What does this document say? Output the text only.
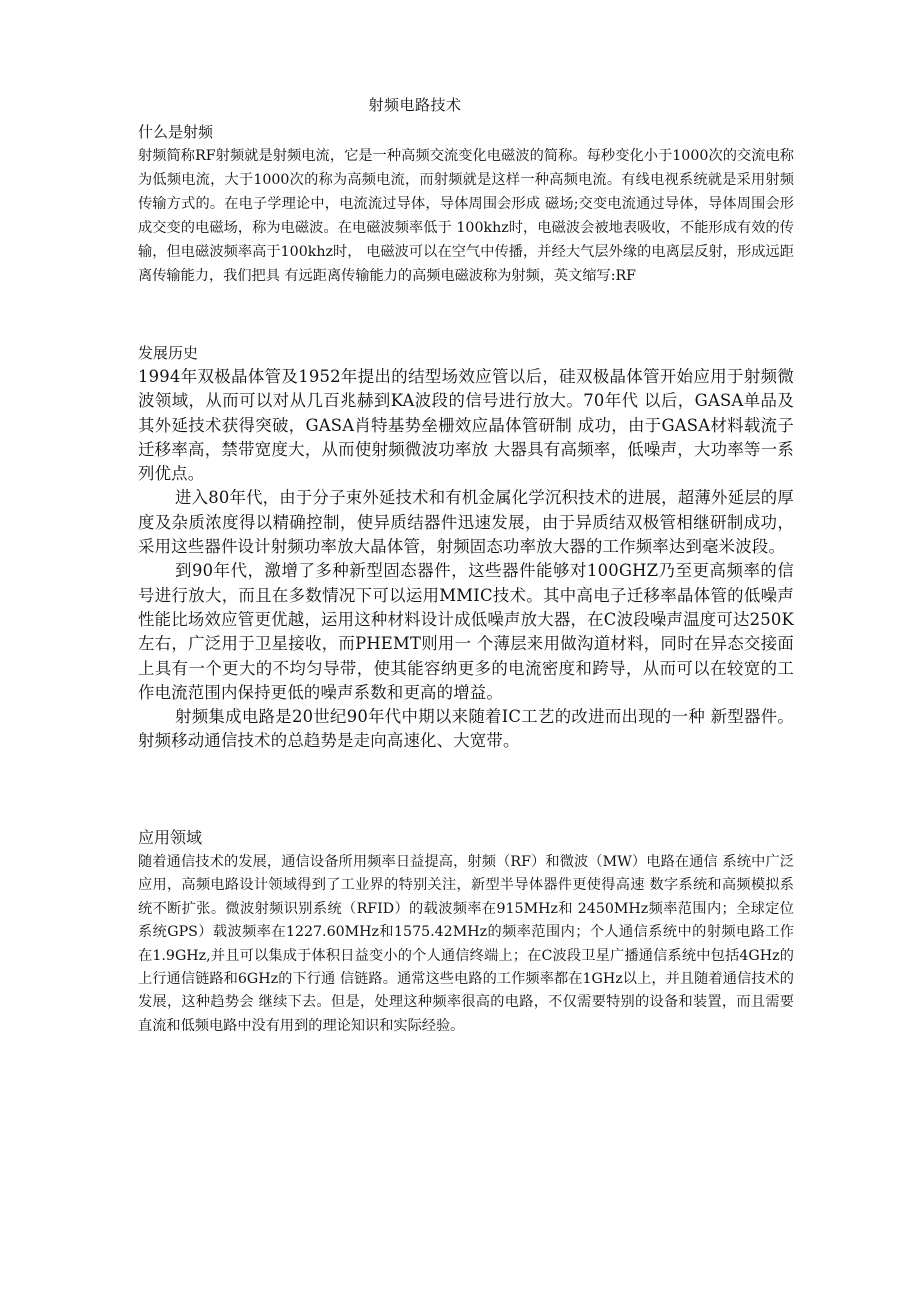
射频电路技术

什么是射频

射频简称RF射频就是射频电流，它是一种高频交流变化电磁波的简称。每秒变化小于1000次的交流电称为低频电流，大于1000次的称为高频电流，而射频就是这样一种高频电流。有线电视系统就是采用射频传输方式的。在电子学理论中，电流流过导体，导体周围会形成 磁场;交变电流通过导体，导体周围会形成交变的电磁场，称为电磁波。在电磁波频率低于 100khz时，电磁波会被地表吸收，不能形成有效的传输，但电磁波频率高于100khz时， 电磁波可以在空气中传播，并经大气层外缘的电离层反射，形成远距离传输能力，我们把具 有远距离传输能力的高频电磁波称为射频，英文缩写:RF

发展历史

1994年双极晶体管及1952年提出的结型场效应管以后，硅双极晶体管开始应用于射频微波领域，从而可以对从几百兆赫到KA波段的信号进行放大。70年代 以后，GASA单品及其外延技术获得突破，GASA肖特基势垒栅效应晶体管研制 成功，由于GASA材料载流子迁移率高，禁带宽度大，从而使射频微波功率放 大器具有高频率，低噪声，大功率等一系列优点。

进入80年代，由于分子束外延技术和有机金属化学沉积技术的进展，超薄外延层的厚度及杂质浓度得以精确控制，使异质结器件迅速发展，由于异质结双极管相继研制成功，采用这些器件设计射频功率放大晶体管，射频固态功率放大器的工作频率达到毫米波段。

到90年代，激增了多种新型固态器件，这些器件能够对100GHZ乃至更高频率的信号进行放大，而且在多数情况下可以运用MMIC技术。其中高电子迁移率晶体管的低噪声性能比场效应管更优越，运用这种材料设计成低噪声放大器，在C波段噪声温度可达250K左右，广泛用于卫星接收，而PHEMT则用一 个薄层来用做沟道材料，同时在异态交接面上具有一个更大的不均匀导带，使其能容纳更多的电流密度和跨导，从而可以在较宽的工作电流范围内保持更低的噪声系数和更高的增益。

射频集成电路是20世纪90年代中期以来随着IC工艺的改进而出现的一种 新型器件。射频移动通信技术的总趋势是走向高速化、大宽带。

应用领域

随着通信技术的发展，通信设备所用频率日益提高，射频（RF）和微波（MW）电路在通信 系统中广泛应用，高频电路设计领域得到了工业界的特别关注，新型半导体器件更使得高速 数字系统和高频模拟系统不断扩张。微波射频识别系统（RFID）的载波频率在915MHz和 2450MHz频率范围内；全球定位系统GPS）载波频率在1227.60MHz和1575.42MHz的频率范围内；个人通信系统中的射频电路工作在1.9GHz,并且可以集成于体积日益变小的个人通信终端上；在C波段卫星广播通信系统中包括4GHz的上行通信链路和6GHz的下行通 信链路。通常这些电路的工作频率都在1GHz以上，并且随着通信技术的发展，这种趋势会 继续下去。但是，处理这种频率很高的电路，不仅需要特别的设备和装置，而且需要直流和低频电路中没有用到的理论知识和实际经验。
